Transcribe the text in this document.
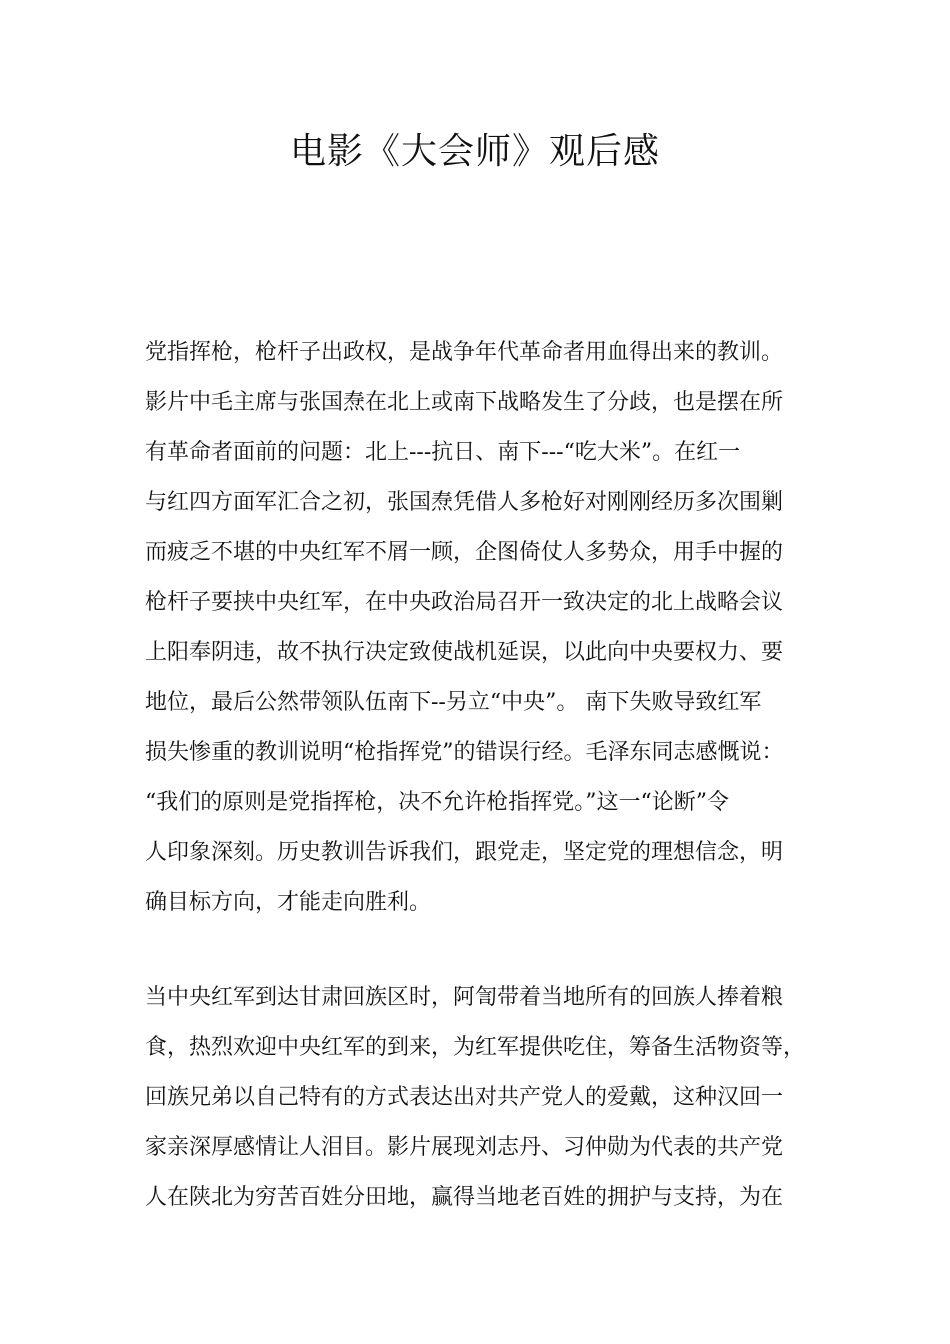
电影《大会师》观后感
党指挥枪，枪杆子出政权，是战争年代革命者用血得出来的教训。
影片中毛主席与张国焘在北上或南下战略发生了分歧，也是摆在所
有革命者面前的问题：北上---抗日、南下---“吃大米”。在红一
与红四方面军汇合之初，张国焘凭借人多枪好对刚刚经历多次围剿
而疲乏不堪的中央红军不屑一顾，企图倚仗人多势众，用手中握的
枪杆子要挟中央红军，在中央政治局召开一致决定的北上战略会议
上阳奉阴违，故不执行决定致使战机延误，以此向中央要权力、要
地位，最后公然带领队伍南下--另立“中央”。 南下失败导致红军
损失惨重的教训说明“枪指挥党”的错误行经。毛泽东同志感慨说：
“我们的原则是党指挥枪，决不允许枪指挥党。”这一“论断”令
人印象深刻。历史教训告诉我们，跟党走，坚定党的理想信念，明
确目标方向，才能走向胜利。
当中央红军到达甘肃回族区时，阿訇带着当地所有的回族人捧着粮
食，热烈欢迎中央红军的到来，为红军提供吃住，筹备生活物资等，
回族兄弟以自己特有的方式表达出对共产党人的爱戴，这种汉回一
家亲深厚感情让人泪目。影片展现刘志丹、习仲勋为代表的共产党
人在陕北为穷苦百姓分田地，赢得当地老百姓的拥护与支持，为在
